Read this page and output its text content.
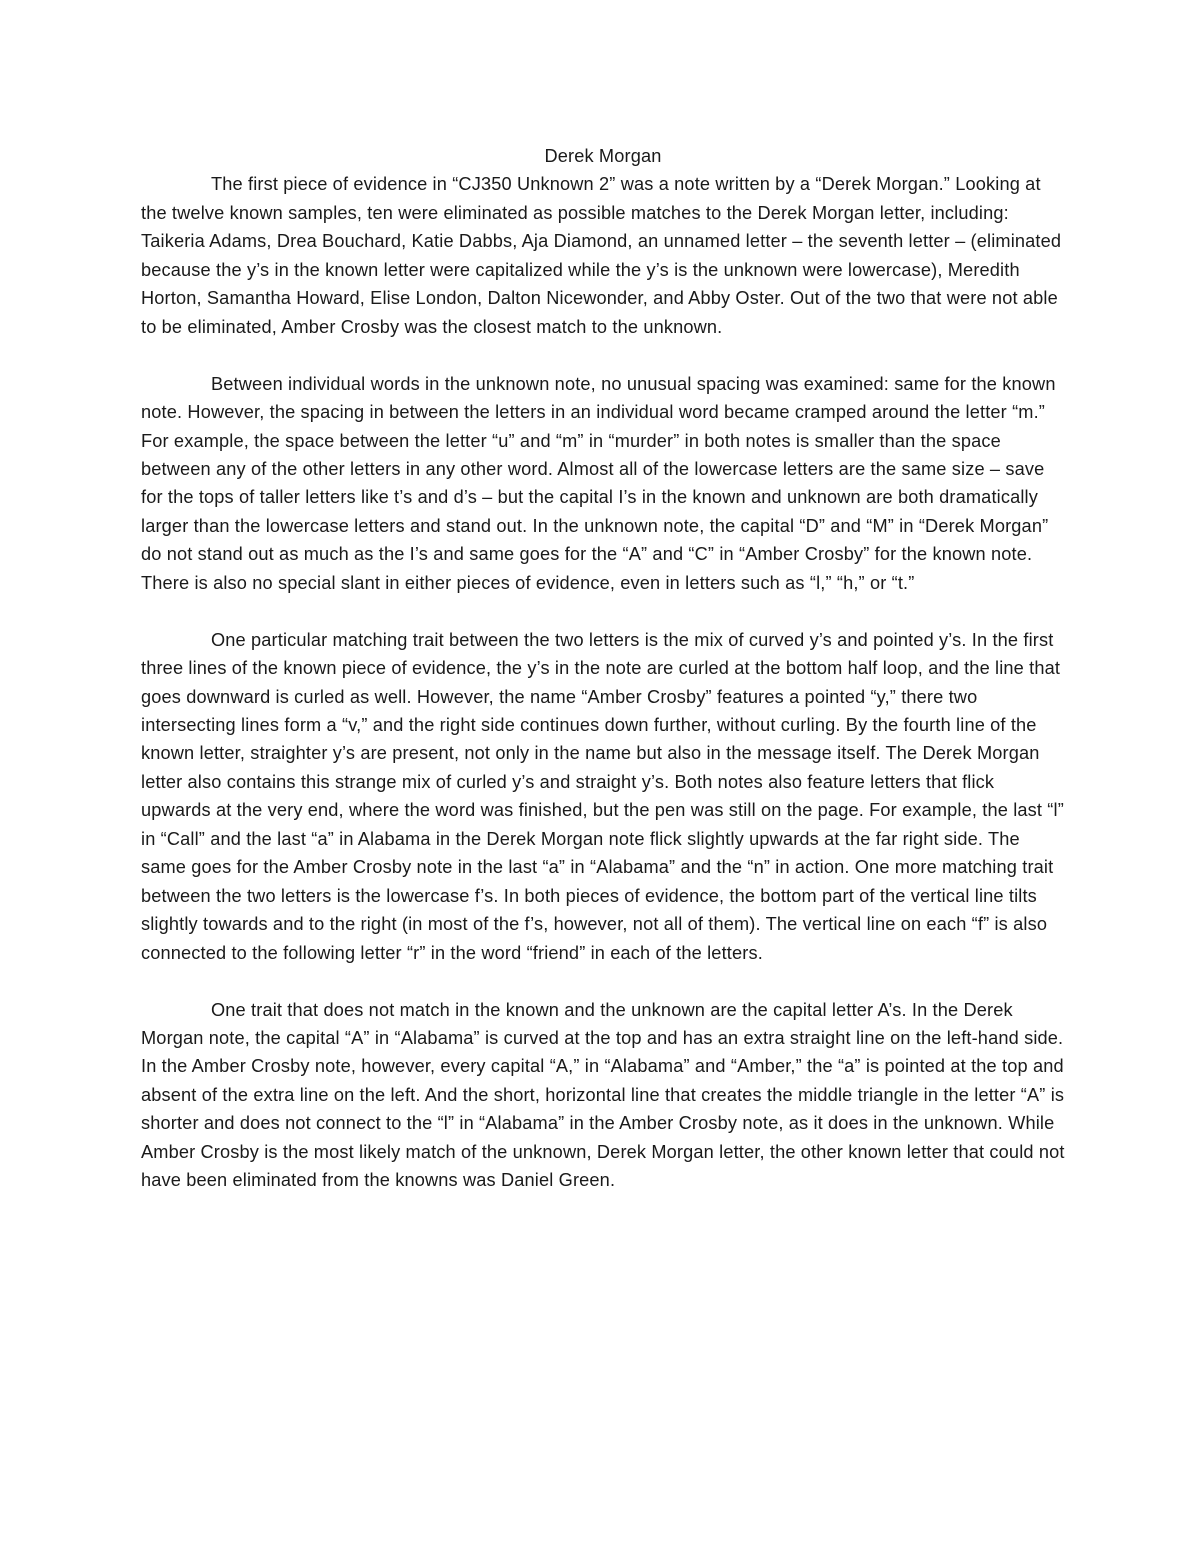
Derek Morgan

The first piece of evidence in “CJ350 Unknown 2” was a note written by a “Derek Morgan.” Looking at the twelve known samples, ten were eliminated as possible matches to the Derek Morgan letter, including: Taikeria Adams, Drea Bouchard, Katie Dabbs, Aja Diamond, an unnamed letter – the seventh letter – (eliminated because the y’s in the known letter were capitalized while the y’s is the unknown were lowercase), Meredith Horton, Samantha Howard, Elise London, Dalton Nicewonder, and Abby Oster. Out of the two that were not able to be eliminated, Amber Crosby was the closest match to the unknown.

Between individual words in the unknown note, no unusual spacing was examined: same for the known note. However, the spacing in between the letters in an individual word became cramped around the letter “m.” For example, the space between the letter “u” and “m” in “murder” in both notes is smaller than the space between any of the other letters in any other word. Almost all of the lowercase letters are the same size – save for the tops of taller letters like t’s and d’s – but the capital I’s in the known and unknown are both dramatically larger than the lowercase letters and stand out. In the unknown note, the capital “D” and “M” in “Derek Morgan” do not stand out as much as the I’s and same goes for the “A” and “C” in “Amber Crosby” for the known note. There is also no special slant in either pieces of evidence, even in letters such as “l,” “h,” or “t.”

One particular matching trait between the two letters is the mix of curved y’s and pointed y’s. In the first three lines of the known piece of evidence, the y’s in the note are curled at the bottom half loop, and the line that goes downward is curled as well. However, the name “Amber Crosby” features a pointed “y,” there two intersecting lines form a “v,” and the right side continues down further, without curling. By the fourth line of the known letter, straighter y’s are present, not only in the name but also in the message itself. The Derek Morgan letter also contains this strange mix of curled y’s and straight y’s. Both notes also feature letters that flick upwards at the very end, where the word was finished, but the pen was still on the page. For example, the last “l” in “Call” and the last “a” in Alabama in the Derek Morgan note flick slightly upwards at the far right side. The same goes for the Amber Crosby note in the last “a” in “Alabama” and the “n” in action. One more matching trait between the two letters is the lowercase f’s. In both pieces of evidence, the bottom part of the vertical line tilts slightly towards and to the right (in most of the f’s, however, not all of them). The vertical line on each “f” is also connected to the following letter “r” in the word “friend” in each of the letters.

One trait that does not match in the known and the unknown are the capital letter A’s. In the Derek Morgan note, the capital “A” in “Alabama” is curved at the top and has an extra straight line on the left-hand side. In the Amber Crosby note, however, every capital “A,” in “Alabama” and “Amber,” the “a” is pointed at the top and absent of the extra line on the left. And the short, horizontal line that creates the middle triangle in the letter “A” is shorter and does not connect to the “l” in “Alabama” in the Amber Crosby note, as it does in the unknown. While Amber Crosby is the most likely match of the unknown, Derek Morgan letter, the other known letter that could not have been eliminated from the knowns was Daniel Green.
